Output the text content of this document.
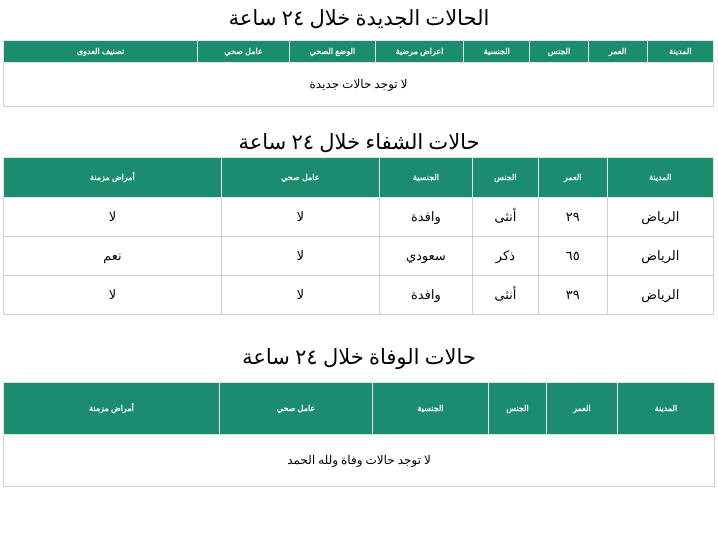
الحالات الجديدة خلال ٢٤ ساعة
المدينة	العمر	الجنس	الجنسية	اعراض مرضية	الوضع الصحي	عامل صحي	تصنيف العدوى
لا توجد حالات جديدة
حالات الشفاء خلال ٢٤ ساعة
المدينة	العمر	الجنس	الجنسية	عامل صحي	أمراض مزمنة
الرياض	٢٩	أنثى	وافدة	لا	لا
الرياض	٦٥	ذكر	سعودي	لا	نعم
الرياض	٣٩	أنثى	وافدة	لا	لا
حالات الوفاة خلال ٢٤ ساعة
المدينة	العمر	الجنس	الجنسية	عامل صحي	أمراض مزمنة
لا توجد حالات وفاة ولله الحمد
